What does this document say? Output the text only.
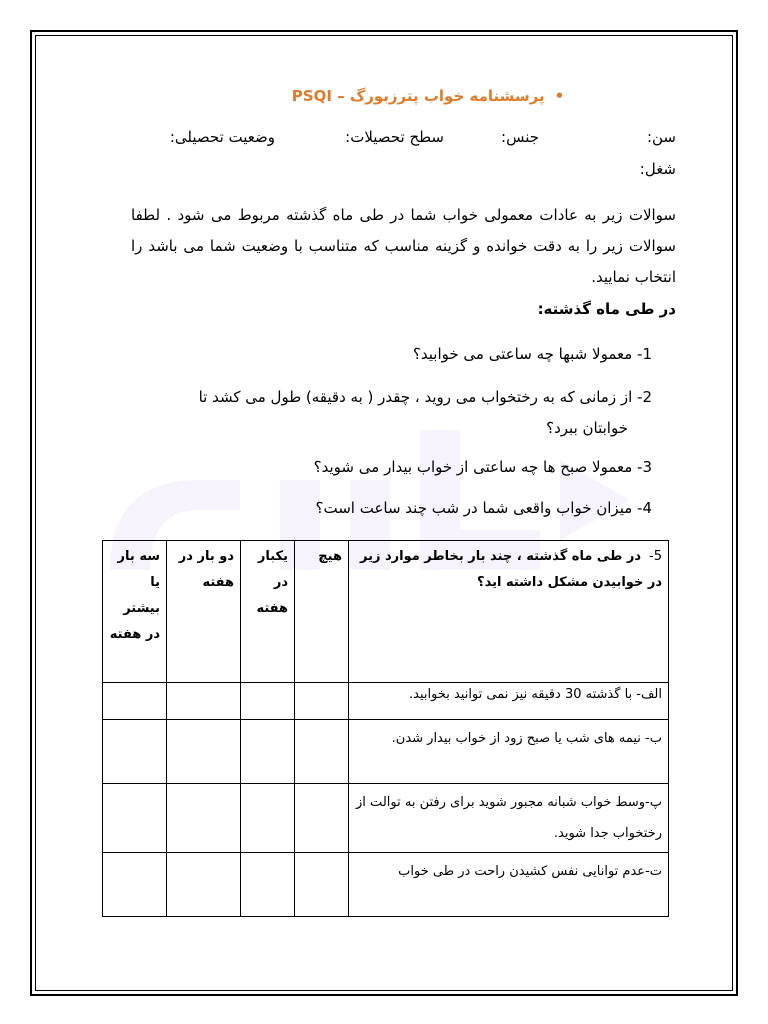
•پرسشنامه خواب پترزبورگ – PSQI
سن:
جنس:
سطح تحصیلات:
وضعیت تحصیلی:
شغل:
سوالات زیر به عادات معمولی خواب شما در طی ماه گذشته مربوط می شود . لطفا سوالات زیر را به دقت خوانده و گزینه مناسب که متناسب با وضعیت شما می باشد را انتخاب نمایید.
در طی ماه گذشته:
1- معمولا شبها چه ساعتی می خوابید؟
2- از زمانی که به رختخواب می روید ، چقدر ( به دقیقه) طول می کشد تا
خوابتان ببرد؟
3- معمولا صبح ها چه ساعتی از خواب بیدار می شوید؟
4- میزان خواب واقعی شما در شب چند ساعت است؟
5-در طی ماه گذشته ، چند بار بخاطر موارد زیر در خوابیدن مشکل داشته اید؟	هیچ	یکبار در هفته	دو بار در هفته	سه بار یا بیشتر در هفته
الف- با گذشته 30 دقیقه نیز نمی توانید بخوابید.				
ب- نیمه های شب یا صبح زود از خواب بیدار شدن.				
پ-وسط خواب شبانه مجبور شوید برای رفتن به توالت از رختخواب جدا شوید.				
ت-عدم توانایی نفس کشیدن راحت در طی خواب				
